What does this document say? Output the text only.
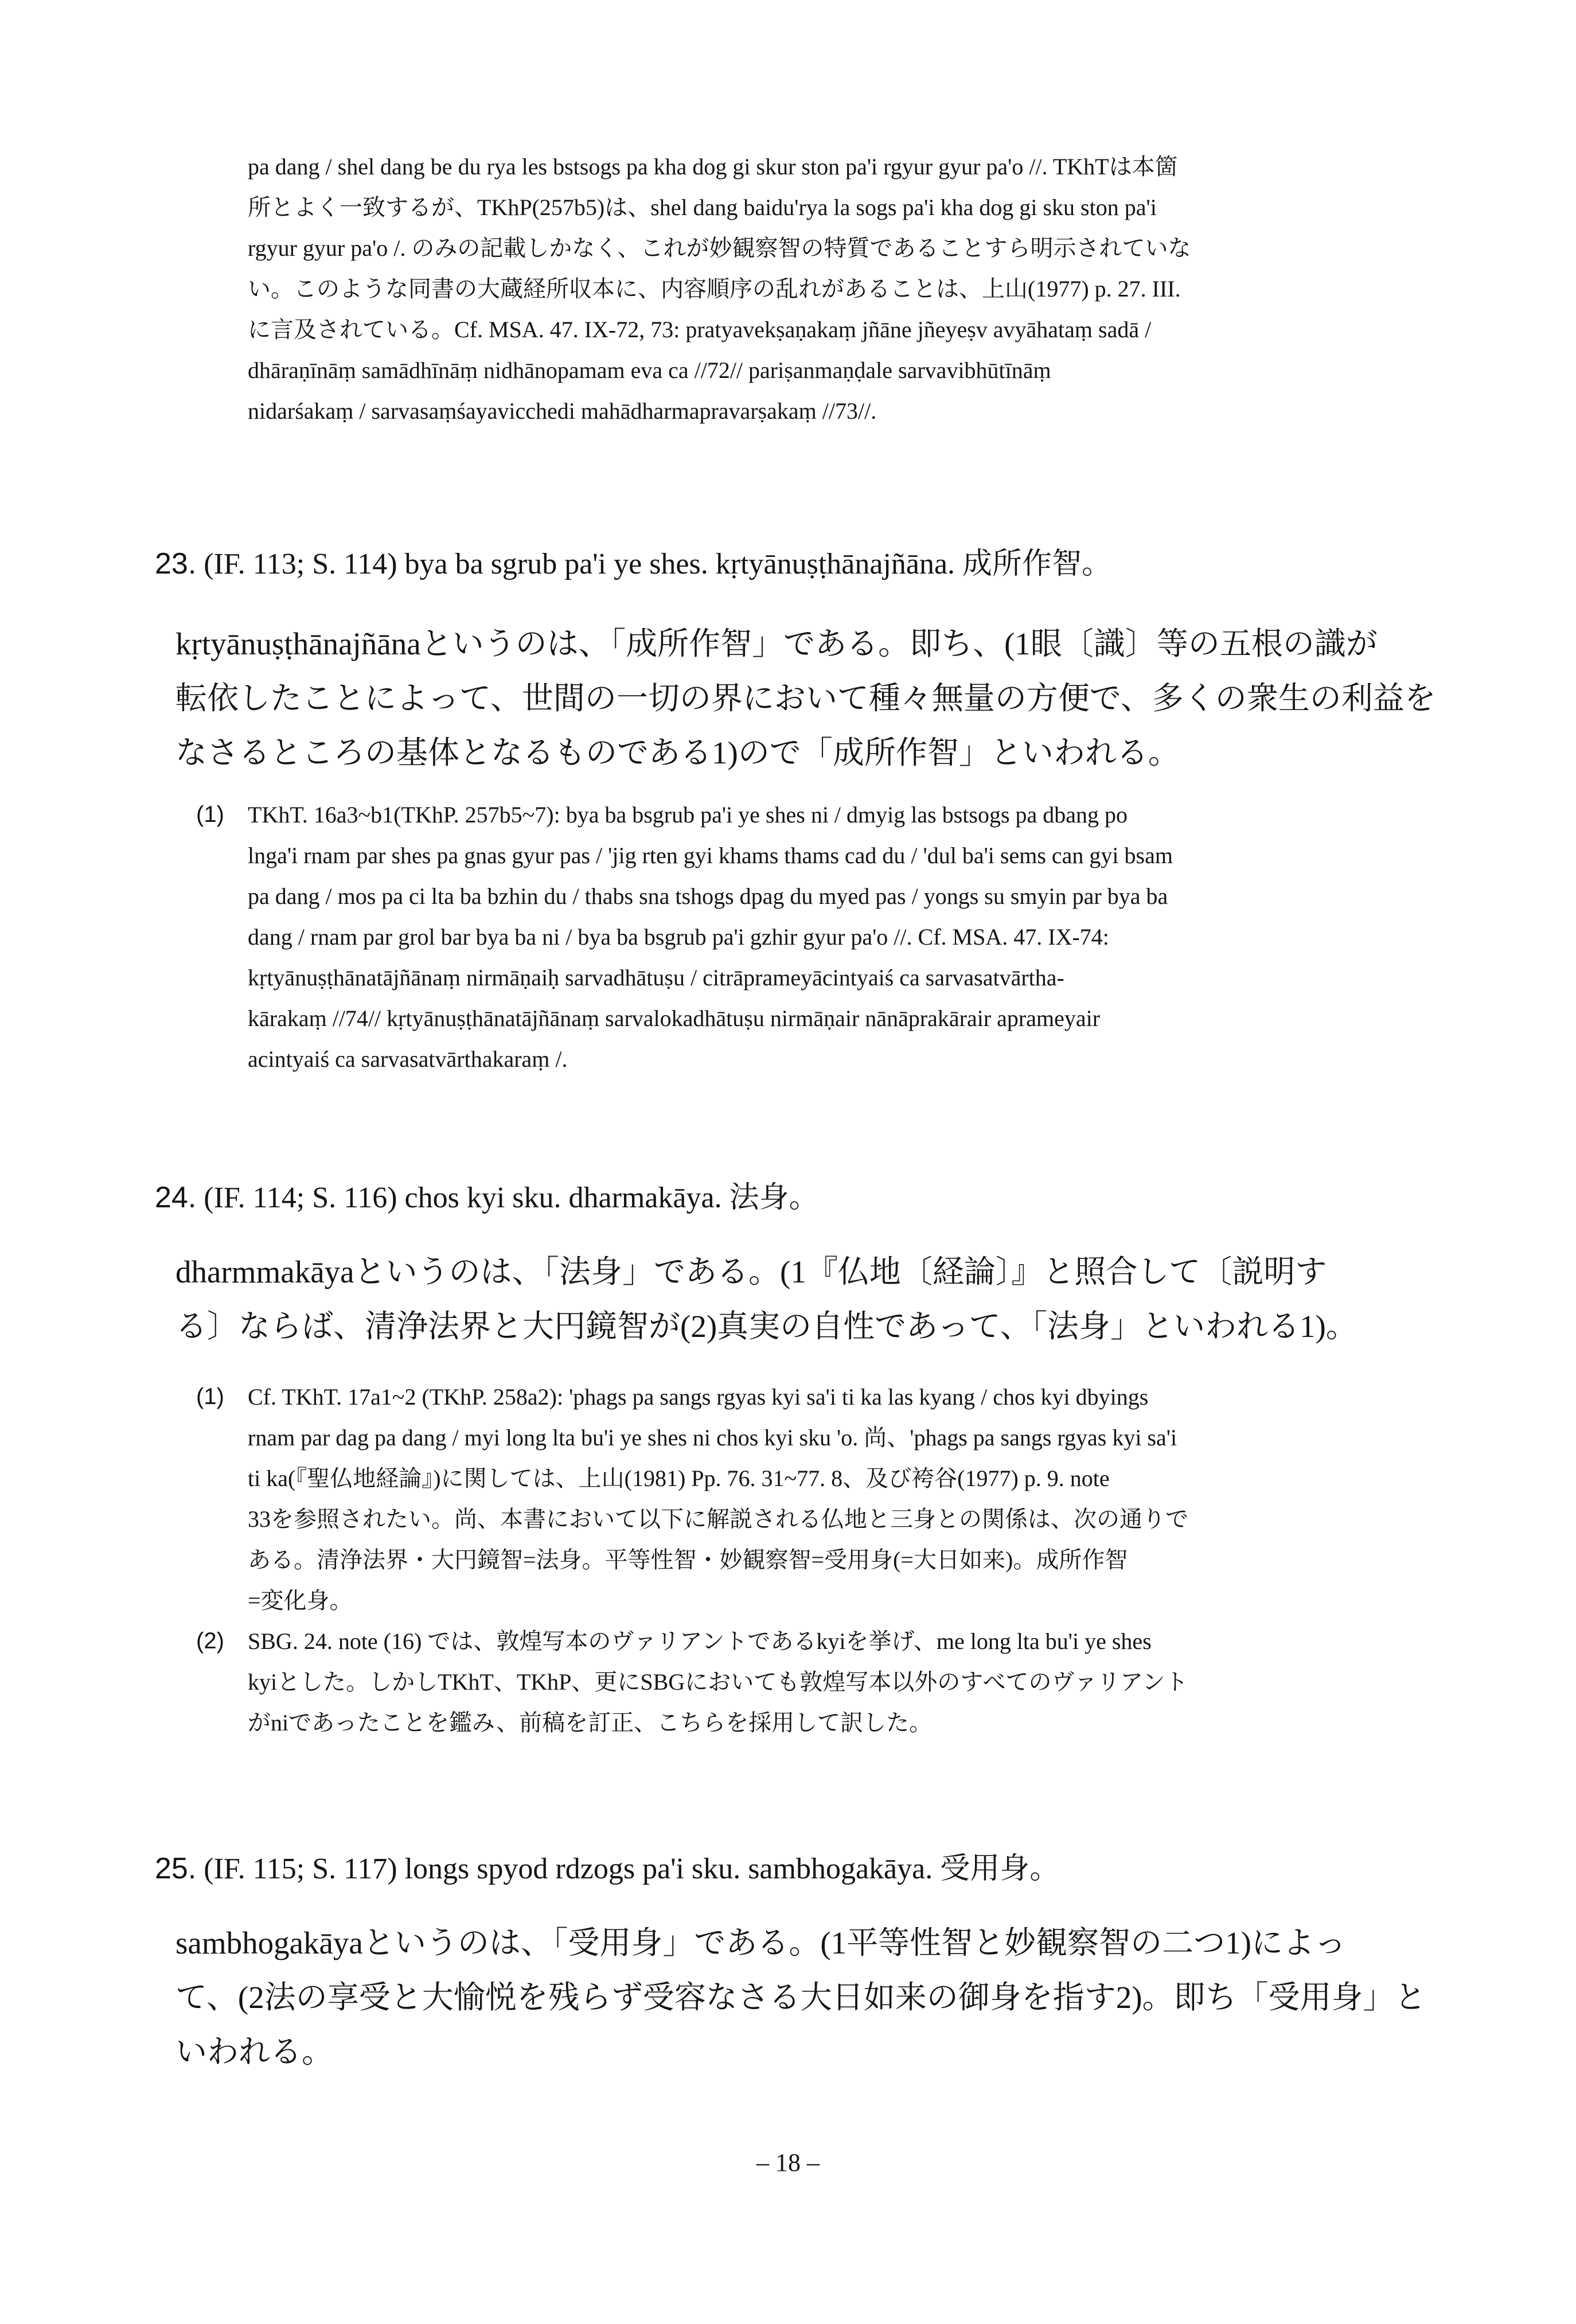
pa dang / shel dang be du rya les bstsogs pa kha dog gi skur ston pa'i rgyur gyur pa'o //. TKhTは本箇
所とよく一致するが、TKhP(257b5)は、shel dang baidu'rya la sogs pa'i kha dog gi sku ston pa'i
rgyur gyur pa'o /. のみの記載しかなく、これが妙観察智の特質であることすら明示されていな
い。このような同書の大蔵経所収本に、内容順序の乱れがあることは、上山(1977) p. 27. III.
に言及されている。Cf. MSA. 47. IX-72, 73: pratyavekṣaṇakaṃ jñāne jñeyeṣv avyāhataṃ sadā /
dhāraṇīnāṃ samādhīnāṃ nidhānopamam eva ca //72// pariṣanmaṇḍale sarvavibhūtīnāṃ
nidarśakaṃ / sarvasaṃśayavicchedi mahādharmapravarṣakaṃ //73//.
23. (IF. 113; S. 114) bya ba sgrub pa'i ye shes. kṛtyānuṣṭhānajñāna. 成所作智。
kṛtyānuṣṭhānajñānaというのは、「成所作智」である。即ち、(1眼〔識〕等の五根の識が
転依したことによって、世間の一切の界において種々無量の方便で、多くの衆生の利益を
なさるところの基体となるものである1)ので「成所作智」といわれる。
(1) TKhT. 16a3~b1(TKhP. 257b5~7): bya ba bsgrub pa'i ye shes ni / dmyig las bstsogs pa dbang po
lnga'i rnam par shes pa gnas gyur pas / 'jig rten gyi khams thams cad du / 'dul ba'i sems can gyi bsam
pa dang / mos pa ci lta ba bzhin du / thabs sna tshogs dpag du myed pas / yongs su smyin par bya ba
dang / rnam par grol bar bya ba ni / bya ba bsgrub pa'i gzhir gyur pa'o //. Cf. MSA. 47. IX-74:
kṛtyānuṣṭhānatājñānaṃ nirmāṇaiḥ sarvadhātuṣu / citrāprameyācintyaiś ca sarvasatvārtha-
kārakaṃ //74// kṛtyānuṣṭhānatājñānaṃ sarvalokadhātuṣu nirmāṇair nānāprakārair aprameyair
acintyaiś ca sarvasatvārthakaraṃ /.
24. (IF. 114; S. 116) chos kyi sku. dharmakāya. 法身。
dharmmakāyaというのは、「法身」である。(1『仏地〔経論〕』と照合して〔説明す
る〕ならば、清浄法界と大円鏡智が(2)真実の自性であって、「法身」といわれる1)。
(1) Cf. TKhT. 17a1~2 (TKhP. 258a2): 'phags pa sangs rgyas kyi sa'i ti ka las kyang / chos kyi dbyings
rnam par dag pa dang / myi long lta bu'i ye shes ni chos kyi sku 'o. 尚、'phags pa sangs rgyas kyi sa'i
ti ka(『聖仏地経論』)に関しては、上山(1981) Pp. 76. 31~77. 8、及び袴谷(1977) p. 9. note
33を参照されたい。尚、本書において以下に解説される仏地と三身との関係は、次の通りで
ある。清浄法界・大円鏡智=法身。平等性智・妙観察智=受用身(=大日如来)。成所作智
=変化身。
(2) SBG. 24. note (16) では、敦煌写本のヴァリアントであるkyiを挙げ、me long lta bu'i ye shes
kyiとした。しかしTKhT、TKhP、更にSBGにおいても敦煌写本以外のすべてのヴァリアント
がniであったことを鑑み、前稿を訂正、こちらを採用して訳した。
25. (IF. 115; S. 117) longs spyod rdzogs pa'i sku. sambhogakāya. 受用身。
sambhogakāyaというのは、「受用身」である。(1平等性智と妙観察智の二つ1)によっ
て、(2法の享受と大愉悦を残らず受容なさる大日如来の御身を指す2)。即ち「受用身」と
いわれる。
– 18 –
